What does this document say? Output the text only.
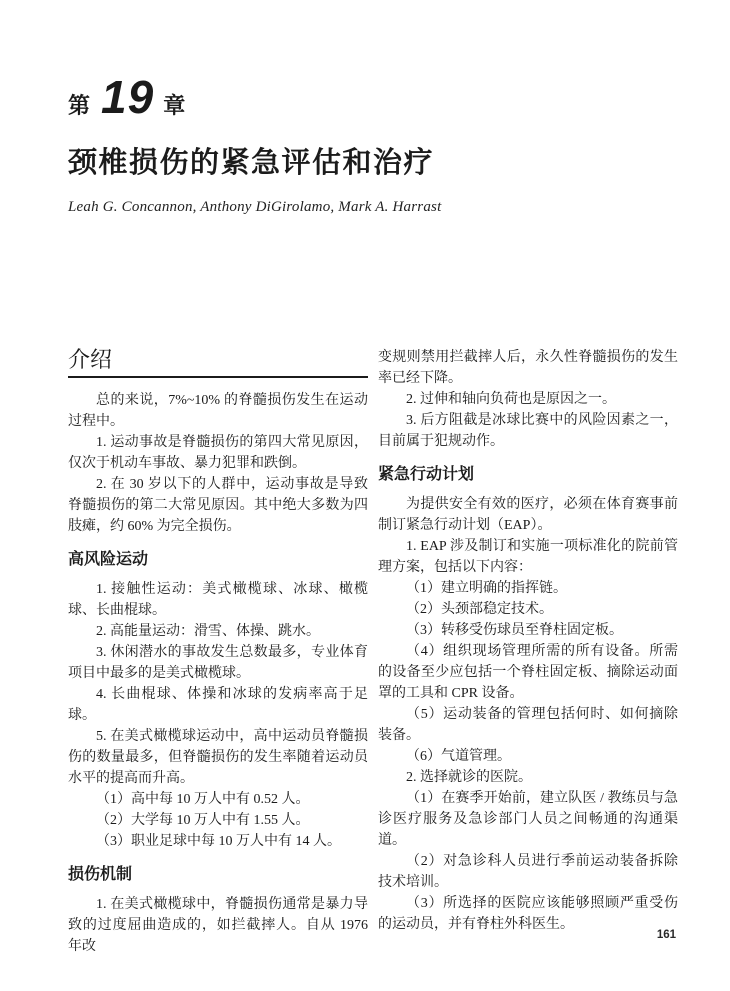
第 19 章
颈椎损伤的紧急评估和治疗
Leah G. Concannon, Anthony DiGirolamo, Mark A. Harrast
介绍

总的来说，7%~10% 的脊髓损伤发生在运动过程中。

1. 运动事故是脊髓损伤的第四大常见原因，仅次于机动车事故、暴力犯罪和跌倒。

2. 在 30 岁以下的人群中，运动事故是导致脊髓损伤的第二大常见原因。其中绝大多数为四肢瘫，约 60% 为完全损伤。

高风险运动

1. 接触性运动：美式橄榄球、冰球、橄榄球、长曲棍球。

2. 高能量运动：滑雪、体操、跳水。

3. 休闲潜水的事故发生总数最多，专业体育项目中最多的是美式橄榄球。

4. 长曲棍球、体操和冰球的发病率高于足球。

5. 在美式橄榄球运动中，高中运动员脊髓损伤的数量最多，但脊髓损伤的发生率随着运动员水平的提高而升高。

（1）高中每 10 万人中有 0.52 人。

（2）大学每 10 万人中有 1.55 人。

（3）职业足球中每 10 万人中有 14 人。

损伤机制

1. 在美式橄榄球中，脊髓损伤通常是暴力导致的过度屈曲造成的，如拦截摔人。自从 1976 年改

变规则禁用拦截摔人后，永久性脊髓损伤的发生率已经下降。

2. 过伸和轴向负荷也是原因之一。

3. 后方阻截是冰球比赛中的风险因素之一，目前属于犯规动作。

紧急行动计划

为提供安全有效的医疗，必须在体育赛事前制订紧急行动计划（EAP）。

1. EAP 涉及制订和实施一项标准化的院前管理方案，包括以下内容：

（1）建立明确的指挥链。

（2）头颈部稳定技术。

（3）转移受伤球员至脊柱固定板。

（4）组织现场管理所需的所有设备。所需的设备至少应包括一个脊柱固定板、摘除运动面罩的工具和 CPR 设备。

（5）运动装备的管理包括何时、如何摘除装备。

（6）气道管理。

2. 选择就诊的医院。

（1）在赛季开始前，建立队医 / 教练员与急诊医疗服务及急诊部门人员之间畅通的沟通渠道。

（2）对急诊科人员进行季前运动装备拆除技术培训。

（3）所选择的医院应该能够照顾严重受伤的运动员，并有脊柱外科医生。

161
